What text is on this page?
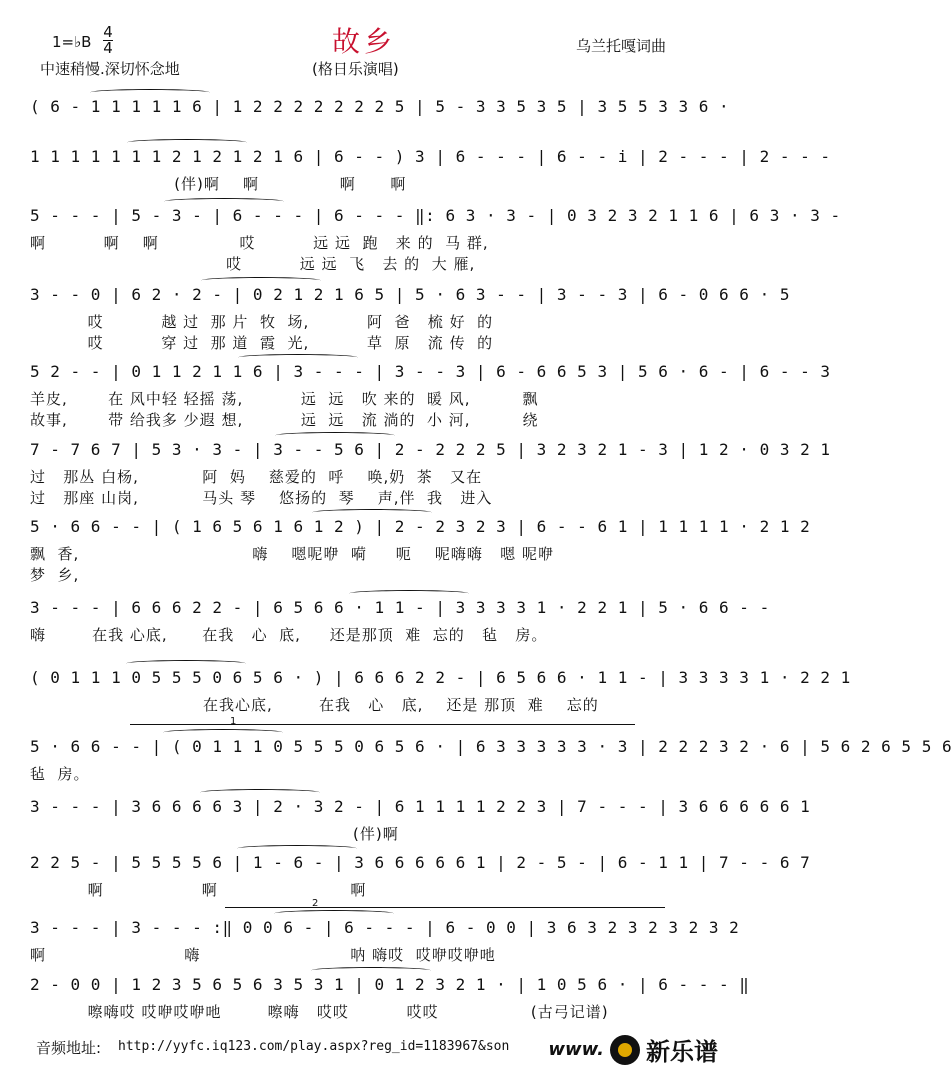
1=♭B
4
4	故乡	乌兰托嘎词曲
中速稍慢.深切怀念地	(格日乐演唱)
( 6 - 1 1 1 1 1 6 | 1 2 2 2 2 2 2 2 5 | 5 - 3 3 5 3 5 | 3 5 5 3 3 6 ·
1 1 1 1 1 1 1 2 1 2 1 2 1 6 | 6 - - ) 3 | 6 - - - | 6 - - i | 2 - - - | 2 - - -
(伴)啊    啊              啊      啊
5 - - - | 5 - 3 - | 6 - - - | 6 - - - ‖: 6 3 · 3 - | 0 3 2 3 2 1 1 6 | 6 3 · 3 -
啊          啊    啊              哎          远 远  跑   来 的  马 群,
哎          远 远  飞   去 的  大 雁,
3 - - 0 | 6 2 · 2 - | 0 2 1 2 1 6 5 | 5 · 6 3 - - | 3 - - 3 | 6 - 0 6 6 · 5
哎          越 过  那 片  牧  场,          阿  爸   梳 好  的
哎          穿 过  那 道  霞  光,          草  原   流 传  的
5 2 - - | 0 1 1 2 1 1 6 | 3 - - - | 3 - - 3 | 6 - 6 6 5 3 | 5 6 · 6 - | 6 - - 3
羊皮,       在 风中轻 轻摇 荡,          远  远   吹 来的  暖 风,         飘
故事,       带 给我多 少遐 想,          远  远   流 淌的  小 河,         绕
7 - 7 6 7 | 5 3 · 3 - | 3 - - 5 6 | 2 - 2 2 2 5 | 3 2 3 2 1 - 3 | 1 2 · 0 3 2 1
过   那丛 白杨,           阿  妈    慈爱的  呼    唤,奶  茶   又在
过   那座 山岗,           马头 琴    悠扬的  琴    声,伴  我   进入
5 · 6 6 - - | ( 1 6 5 6 1 6 1 2 ) | 2 - 2 3 2 3 | 6 - - 6 1 | 1 1 1 1 · 2 1 2
飘  香,                              嗨    嗯呢咿  嗬     呃    呢嗨嗨   嗯 呢咿
梦  乡,
3 - - - | 6 6 6 2 2 - | 6 5 6 6 · 1 1 - | 3 3 3 3 1 · 2 2 1 | 5 · 6 6 - -
嗨        在我 心底,      在我   心  底,     还是那顶  难  忘的   毡   房。
( 0 1 1 1 0 5 5 5 0 6 5 6 · ) | 6 6 6 2 2 - | 6 5 6 6 · 1 1 - | 3 3 3 3 1 · 2 2 1
在我心底,        在我   心   底,    还是 那顶  难    忘的
5 · 6 6 - - | ( 0 1 1 1 0 5 5 5 0 6 5 6 · | 6 3 3 3 3 3 · 3 | 2 2 2 3 2 · 6 | 5 6 2 6 5 5 6
毡  房。
3 - - - | 3 6 6 6 6 3 | 2 · 3 2 - | 6 1 1 1 1 2 2 3 | 7 - - - | 3 6 6 6 6 6 1
(伴)啊
2 2 5 - | 5 5 5 5 6 | 1 - 6 - | 3 6 6 6 6 6 1 | 2 - 5 - | 6 - 1 1 | 7 - - 6 7
啊                 啊                       啊
3 - - - | 3 - - - :‖ 0 0 6 - | 6 - - - | 6 - 0 0 | 3 6 3 2 3 2 3 2 3 2
啊                        嗨                          呐 嗨哎  哎咿哎咿吔
2 - 0 0 | 1 2 3 5 6 5 6 3 5 3 1 | 0 1 2 3 2 1 · | 1 0 5 6 · | 6 - - - ‖
嚓嗨哎 哎咿哎咿吔        嚓嗨   哎哎          哎哎                (古弓记谱)
1
2
音频地址: http://yyfc.iq123.com/play.aspx?reg_id=1183967&son www. 新乐谱
